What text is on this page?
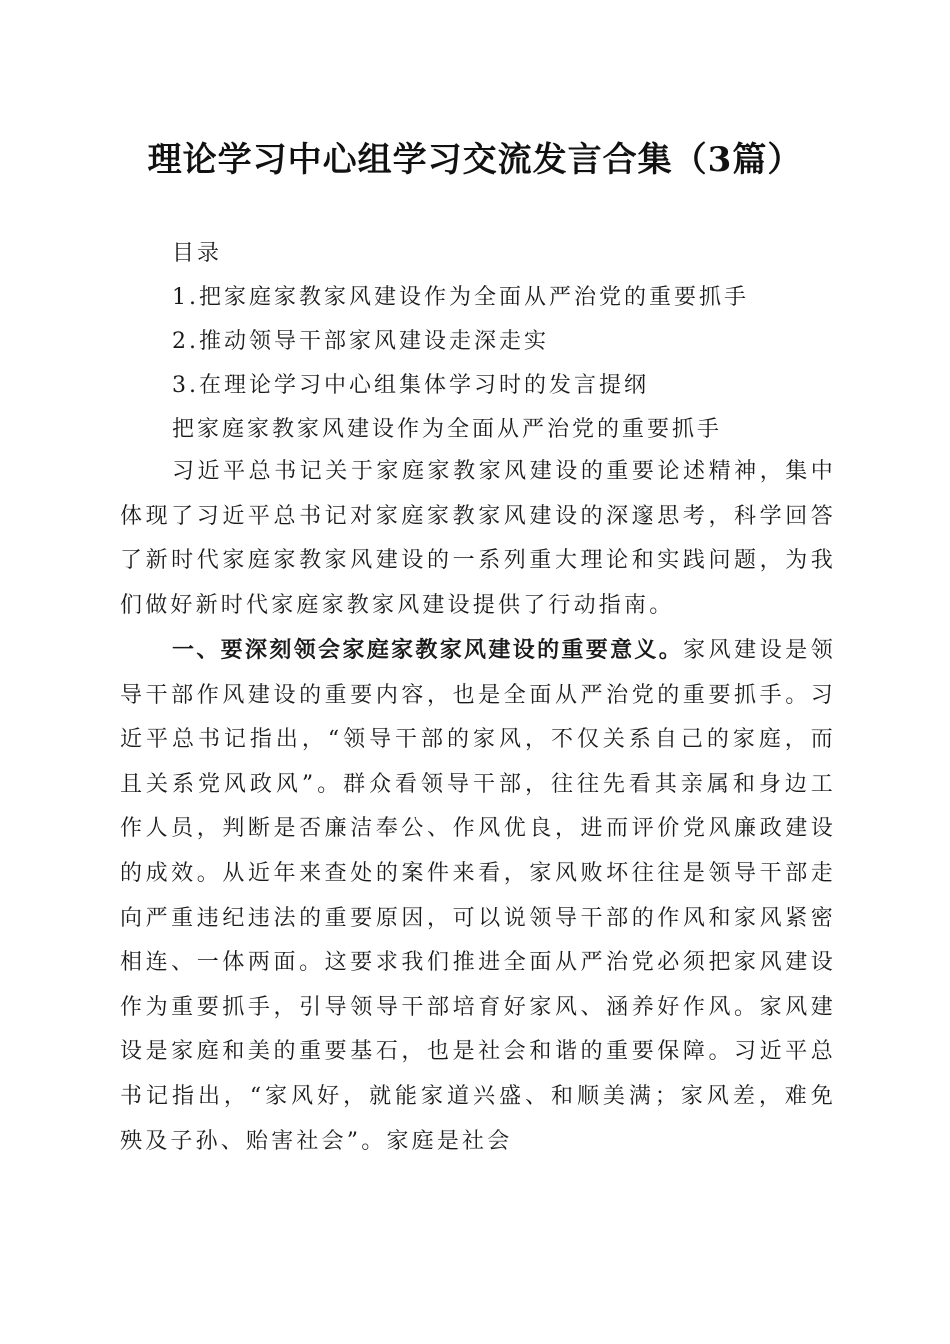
理论学习中心组学习交流发言合集（3篇）
目录
1.把家庭家教家风建设作为全面从严治党的重要抓手
2.推动领导干部家风建设走深走实
3.在理论学习中心组集体学习时的发言提纲
把家庭家教家风建设作为全面从严治党的重要抓手

习近平总书记关于家庭家教家风建设的重要论述精神，集中体现了习近平总书记对家庭家教家风建设的深邃思考，科学回答了新时代家庭家教家风建设的一系列重大理论和实践问题，为我们做好新时代家庭家教家风建设提供了行动指南。

一、要深刻领会家庭家教家风建设的重要意义。家风建设是领导干部作风建设的重要内容，也是全面从严治党的重要抓手。习近平总书记指出，“领导干部的家风，不仅关系自己的家庭，而且关系党风政风”。群众看领导干部，往往先看其亲属和身边工作人员，判断是否廉洁奉公、作风优良，进而评价党风廉政建设的成效。从近年来查处的案件来看，家风败坏往往是领导干部走向严重违纪违法的重要原因，可以说领导干部的作风和家风紧密相连、一体两面。这要求我们推进全面从严治党必须把家风建设作为重要抓手，引导领导干部培育好家风、涵养好作风。家风建设是家庭和美的重要基石，也是社会和谐的重要保障。习近平总书记指出，“家风好，就能家道兴盛、和顺美满；家风差，难免殃及子孙、贻害社会”。家庭是社会
